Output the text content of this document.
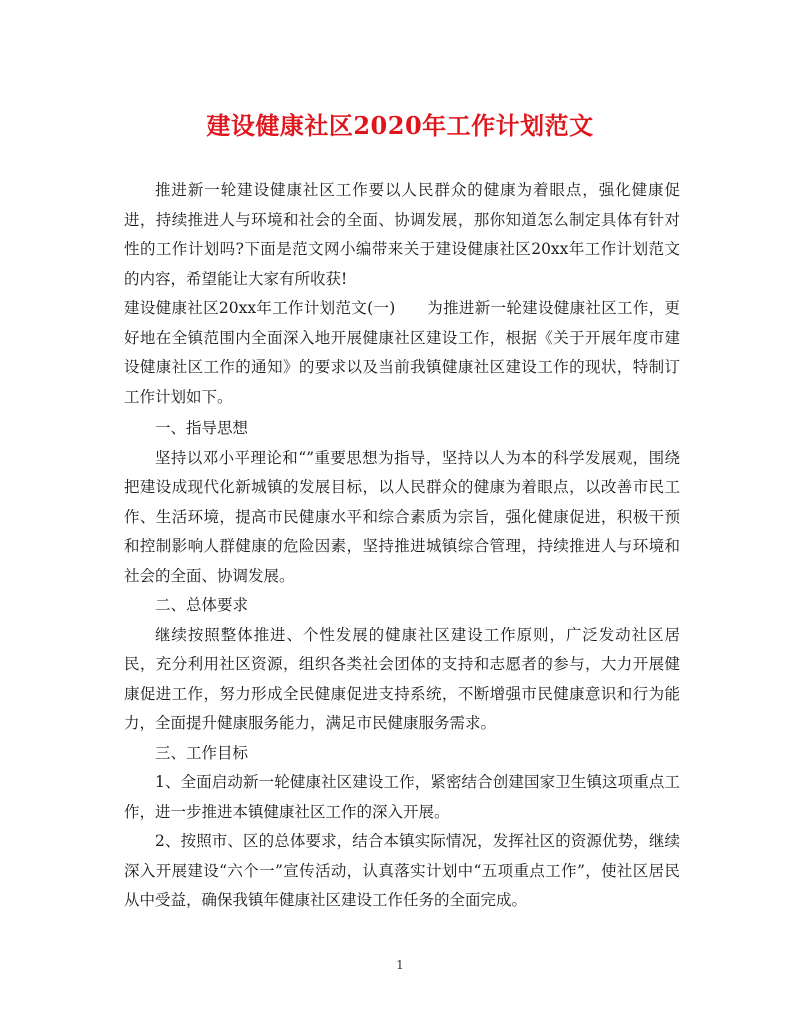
建设健康社区2020年工作计划范文

推进新一轮建设健康社区工作要以人民群众的健康为着眼点，强化健康促进，持续推进人与环境和社会的全面、协调发展，那你知道怎么制定具体有针对性的工作计划吗?下面是范文网小编带来关于建设健康社区20xx年工作计划范文的内容，希望能让大家有所收获!

建设健康社区20xx年工作计划范文(一)　　为推进新一轮建设健康社区工作，更好地在全镇范围内全面深入地开展健康社区建设工作，根据《关于开展年度市建设健康社区工作的通知》的要求以及当前我镇健康社区建设工作的现状，特制订工作计划如下。

一、指导思想

坚持以邓小平理论和“”重要思想为指导，坚持以人为本的科学发展观，围绕把建设成现代化新城镇的发展目标，以人民群众的健康为着眼点，以改善市民工作、生活环境，提高市民健康水平和综合素质为宗旨，强化健康促进，积极干预和控制影响人群健康的危险因素，坚持推进城镇综合管理，持续推进人与环境和社会的全面、协调发展。

二、总体要求

继续按照整体推进、个性发展的健康社区建设工作原则，广泛发动社区居民，充分利用社区资源，组织各类社会团体的支持和志愿者的参与，大力开展健康促进工作，努力形成全民健康促进支持系统，不断增强市民健康意识和行为能力，全面提升健康服务能力，满足市民健康服务需求。

三、工作目标

1、全面启动新一轮健康社区建设工作，紧密结合创建国家卫生镇这项重点工作，进一步推进本镇健康社区工作的深入开展。

2、按照市、区的总体要求，结合本镇实际情况，发挥社区的资源优势，继续深入开展建设“六个一”宣传活动，认真落实计划中“五项重点工作”，使社区居民从中受益，确保我镇年健康社区建设工作任务的全面完成。

1
